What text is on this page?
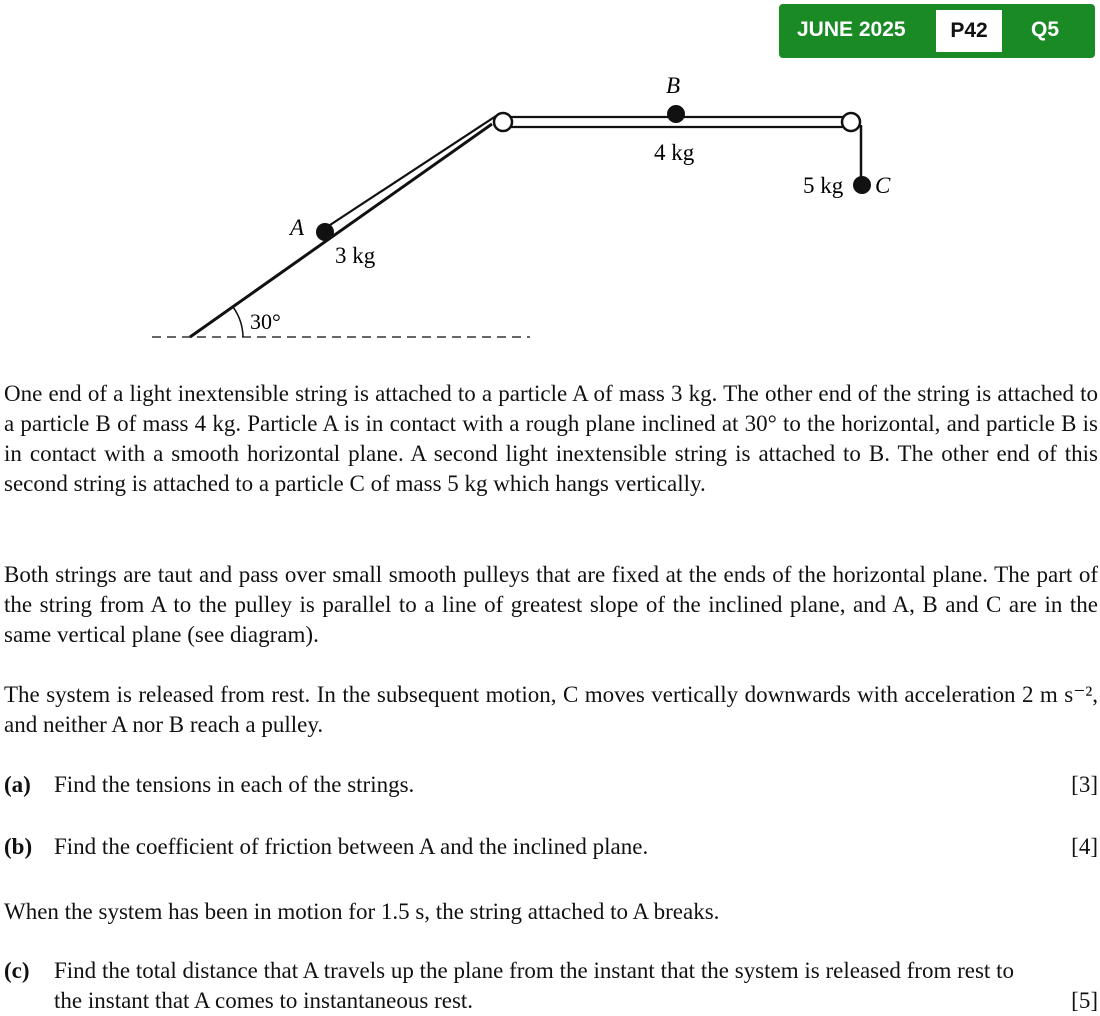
JUNE 2025	P42	Q5
30°
A
3 kg
B
4 kg
5 kg C

One end of a light inextensible string is attached to a particle A of mass 3 kg. The other end of the string is attached to a particle B of mass 4 kg. Particle A is in contact with a rough plane inclined at 30° to the horizontal, and particle B is in contact with a smooth horizontal plane. A second light inextensible string is attached to B. The other end of this second string is attached to a particle C of mass 5 kg which hangs vertically.

Both strings are taut and pass over small smooth pulleys that are fixed at the ends of the horizontal plane. The part of the string from A to the pulley is parallel to a line of greatest slope of the inclined plane, and A, B and C are in the same vertical plane (see diagram).

The system is released from rest. In the subsequent motion, C moves vertically downwards with acceleration 2 m s⁻², and neither A nor B reach a pulley.

(a) Find the tensions in each of the strings.	[3]
(b) Find the coefficient of friction between A and the inclined plane.	[4]

When the system has been in motion for 1.5 s, the string attached to A breaks.

(c) Find the total distance that A travels up the plane from the instant that the system is released from rest to the instant that A comes to instantaneous rest.	[5]
